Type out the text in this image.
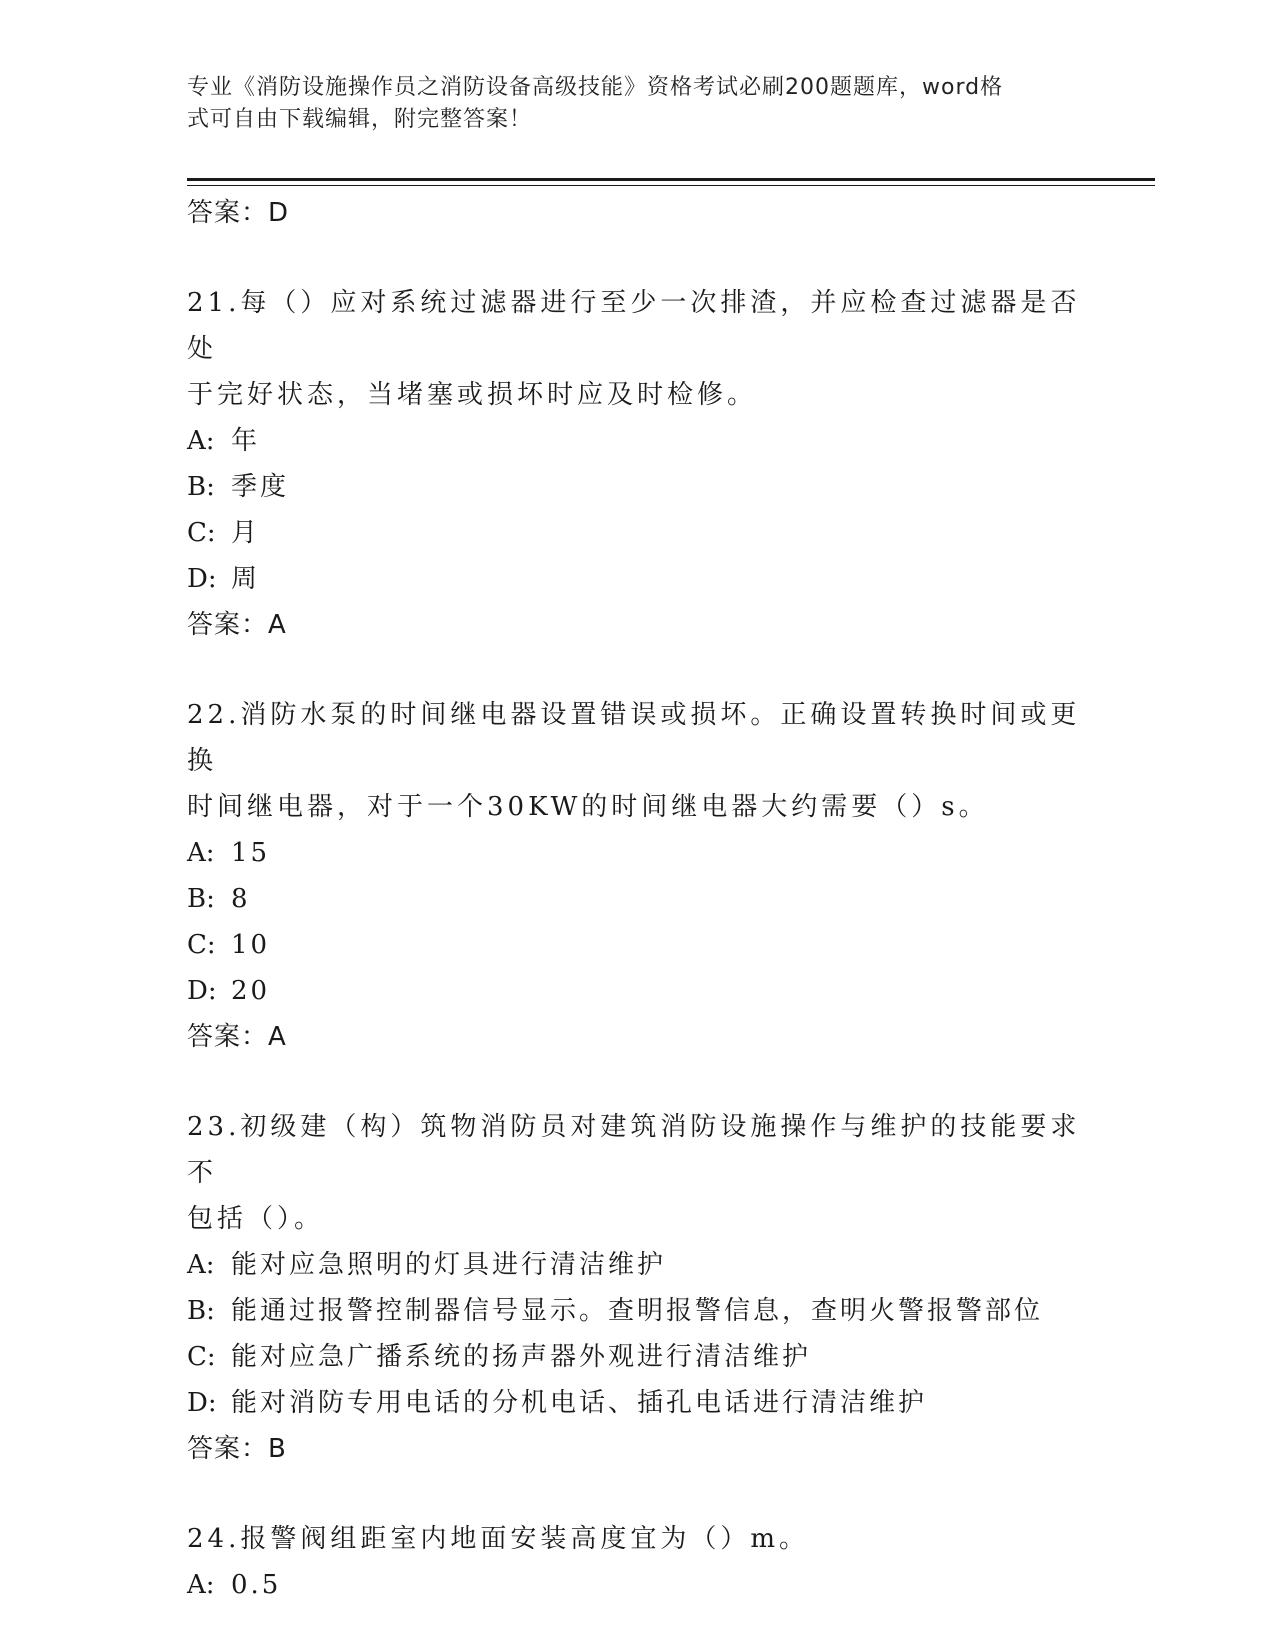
专业《消防设施操作员之消防设备高级技能》资格考试必刷200题题库，word格
式可自由下载编辑，附完整答案！
答案：D
21.每（）应对系统过滤器进行至少一次排渣，并应检查过滤器是否处
于完好状态，当堵塞或损坏时应及时检修。
A: 年
B: 季度
C: 月
D: 周
答案：A
22.消防水泵的时间继电器设置错误或损坏。正确设置转换时间或更换
时间继电器，对于一个30KW的时间继电器大约需要（）s。
A: 15
B: 8
C: 10
D: 20
答案：A
23.初级建（构）筑物消防员对建筑消防设施操作与维护的技能要求不
包括（）。
A: 能对应急照明的灯具进行清洁维护
B: 能通过报警控制器信号显示。查明报警信息，查明火警报警部位
C: 能对应急广播系统的扬声器外观进行清洁维护
D: 能对消防专用电话的分机电话、插孔电话进行清洁维护
答案：B
24.报警阀组距室内地面安装高度宜为（）m。
A: 0.5
